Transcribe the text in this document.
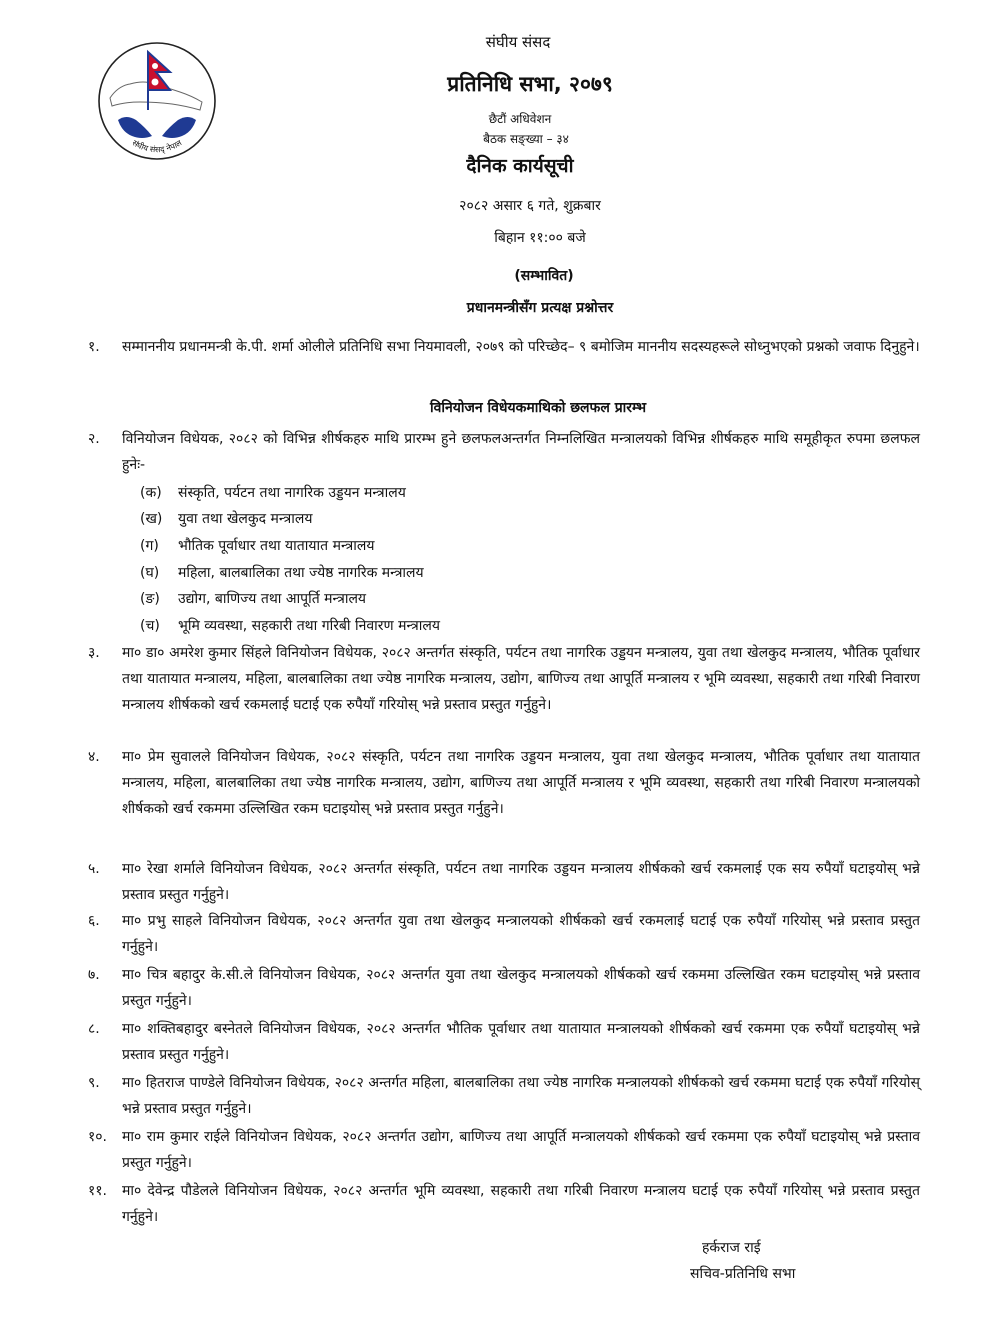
संघीय संसद् नेपाल
संघीय संसद
प्रतिनिधि सभा, २०७९
छैटौं अधिवेशन
बैठक सङ्ख्या – ३४
दैनिक कार्यसूची
२०८२ असार ६ गते, शुक्रबार
बिहान ११:०० बजे
(सम्भावित)
प्रधानमन्त्रीसँग प्रत्यक्ष प्रश्नोत्तर
१. सम्माननीय प्रधानमन्त्री के.पी. शर्मा ओलीले प्रतिनिधि सभा नियमावली, २०७९ को परिच्छेद– ९ बमोजिम माननीय सदस्यहरूले सोध्नुभएको प्रश्नको जवाफ दिनुहुने।
विनियोजन विधेयकमाथिको छलफल प्रारम्भ
२. विनियोजन विधेयक, २०८२ को विभिन्न शीर्षकहरु माथि प्रारम्भ हुने छलफलअन्तर्गत निम्नलिखित मन्त्रालयको विभिन्न शीर्षकहरु माथि समूहीकृत रुपमा छलफल हुनेः-
(क) संस्कृति, पर्यटन तथा नागरिक उड्डयन मन्त्रालय
(ख) युवा तथा खेलकुद मन्त्रालय
(ग) भौतिक पूर्वाधार तथा यातायात मन्त्रालय
(घ) महिला, बालबालिका तथा ज्येष्ठ नागरिक मन्त्रालय
(ङ) उद्योग, बाणिज्य तथा आपूर्ति मन्त्रालय
(च) भूमि व्यवस्था, सहकारी तथा गरिबी निवारण मन्त्रालय
३. मा० डा० अमरेश कुमार सिंहले विनियोजन विधेयक, २०८२ अन्तर्गत संस्कृति, पर्यटन तथा नागरिक उड्डयन मन्त्रालय, युवा तथा खेलकुद मन्त्रालय, भौतिक पूर्वाधार तथा यातायात मन्त्रालय, महिला, बालबालिका तथा ज्येष्ठ नागरिक मन्त्रालय, उद्योग, बाणिज्य तथा आपूर्ति मन्त्रालय र भूमि व्यवस्था, सहकारी तथा गरिबी निवारण मन्त्रालय शीर्षकको खर्च रकमलाई घटाई एक रुपैयाँ गरियोस् भन्ने प्रस्ताव प्रस्तुत गर्नुहुने।
४. मा० प्रेम सुवालले विनियोजन विधेयक, २०८२ संस्कृति, पर्यटन तथा नागरिक उड्डयन मन्त्रालय, युवा तथा खेलकुद मन्त्रालय, भौतिक पूर्वाधार तथा यातायात मन्त्रालय, महिला, बालबालिका तथा ज्येष्ठ नागरिक मन्त्रालय, उद्योग, बाणिज्य तथा आपूर्ति मन्त्रालय र भूमि व्यवस्था, सहकारी तथा गरिबी निवारण मन्त्रालयको शीर्षकको खर्च रकममा उल्लिखित रकम घटाइयोस् भन्ने प्रस्ताव प्रस्तुत गर्नुहुने।
५. मा० रेखा शर्माले विनियोजन विधेयक, २०८२ अन्तर्गत संस्कृति, पर्यटन तथा नागरिक उड्डयन मन्त्रालय शीर्षकको खर्च रकमलाई एक सय रुपैयाँ घटाइयोस् भन्ने प्रस्ताव प्रस्तुत गर्नुहुने।
६. मा० प्रभु साहले विनियोजन विधेयक, २०८२ अन्तर्गत युवा तथा खेलकुद मन्त्रालयको शीर्षकको खर्च रकमलाई घटाई एक रुपैयाँ गरियोस् भन्ने प्रस्ताव प्रस्तुत गर्नुहुने।
७. मा० चित्र बहादुर के.सी.ले विनियोजन विधेयक, २०८२ अन्तर्गत युवा तथा खेलकुद मन्त्रालयको शीर्षकको खर्च रकममा उल्लिखित रकम घटाइयोस् भन्ने प्रस्ताव प्रस्तुत गर्नुहुने।
८. मा० शक्तिबहादुर बस्नेतले विनियोजन विधेयक, २०८२ अन्तर्गत भौतिक पूर्वाधार तथा यातायात मन्त्रालयको शीर्षकको खर्च रकममा एक रुपैयाँ घटाइयोस् भन्ने प्रस्ताव प्रस्तुत गर्नुहुने।
९. मा० हितराज पाण्डेले विनियोजन विधेयक, २०८२ अन्तर्गत महिला, बालबालिका तथा ज्येष्ठ नागरिक मन्त्रालयको शीर्षकको खर्च रकममा घटाई एक रुपैयाँ गरियोस् भन्ने प्रस्ताव प्रस्तुत गर्नुहुने।
१०. मा० राम कुमार राईले विनियोजन विधेयक, २०८२ अन्तर्गत उद्योग, बाणिज्य तथा आपूर्ति मन्त्रालयको शीर्षकको खर्च रकममा एक रुपैयाँ घटाइयोस् भन्ने प्रस्ताव प्रस्तुत गर्नुहुने।
११. मा० देवेन्द्र पौडेलले विनियोजन विधेयक, २०८२ अन्तर्गत भूमि व्यवस्था, सहकारी तथा गरिबी निवारण मन्त्रालय घटाई एक रुपैयाँ गरियोस् भन्ने प्रस्ताव प्रस्तुत गर्नुहुने।
हर्कराज राई
सचिव-प्रतिनिधि सभा
